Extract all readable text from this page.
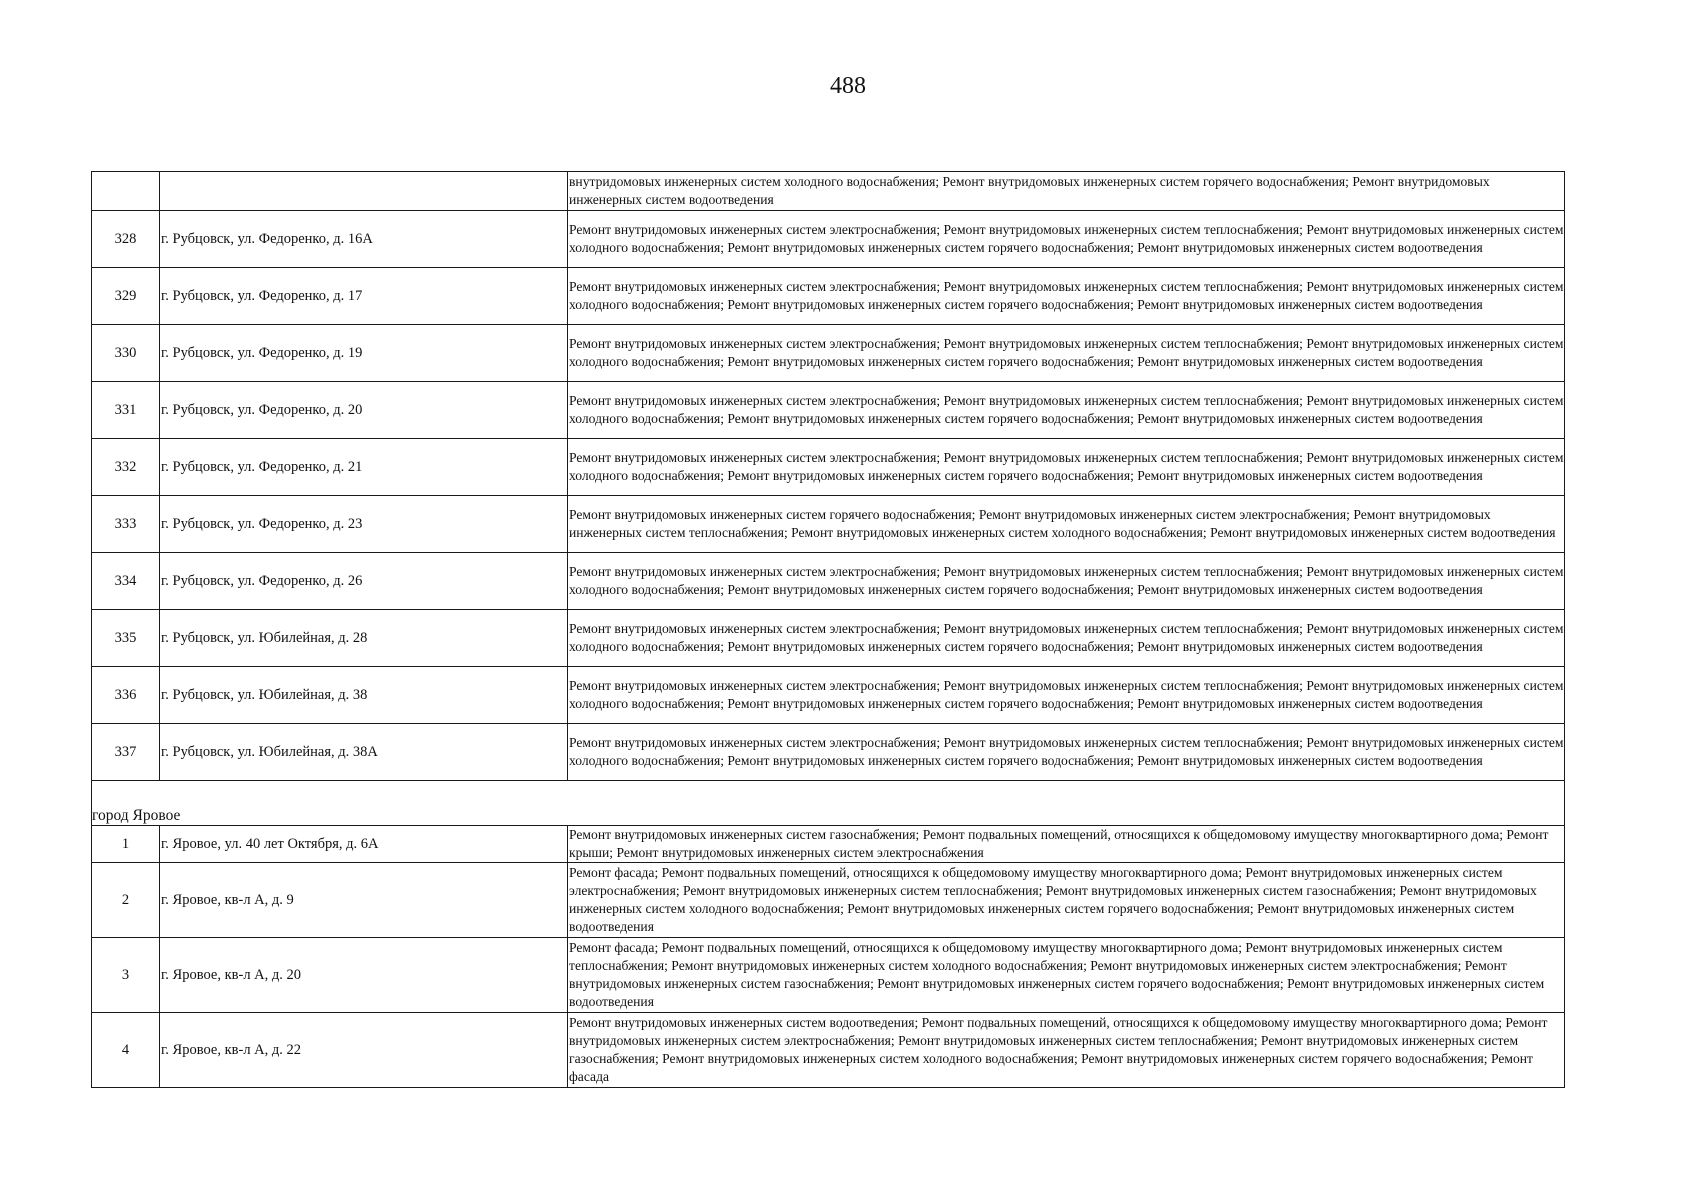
488
		внутридомовых инженерных систем холодного водоснабжения; Ремонт внутридомовых инженерных систем горячего водоснабжения; Ремонт внутридомовых инженерных систем водоотведения
328	г. Рубцовск, ул. Федоренко, д. 16А	Ремонт внутридомовых инженерных систем электроснабжения; Ремонт внутридомовых инженерных систем теплоснабжения; Ремонт внутридомовых инженерных систем холодного водоснабжения; Ремонт внутридомовых инженерных систем горячего водоснабжения; Ремонт внутридомовых инженерных систем водоотведения
329	г. Рубцовск, ул. Федоренко, д. 17	Ремонт внутридомовых инженерных систем электроснабжения; Ремонт внутридомовых инженерных систем теплоснабжения; Ремонт внутридомовых инженерных систем холодного водоснабжения; Ремонт внутридомовых инженерных систем горячего водоснабжения; Ремонт внутридомовых инженерных систем водоотведения
330	г. Рубцовск, ул. Федоренко, д. 19	Ремонт внутридомовых инженерных систем электроснабжения; Ремонт внутридомовых инженерных систем теплоснабжения; Ремонт внутридомовых инженерных систем холодного водоснабжения; Ремонт внутридомовых инженерных систем горячего водоснабжения; Ремонт внутридомовых инженерных систем водоотведения
331	г. Рубцовск, ул. Федоренко, д. 20	Ремонт внутридомовых инженерных систем электроснабжения; Ремонт внутридомовых инженерных систем теплоснабжения; Ремонт внутридомовых инженерных систем холодного водоснабжения; Ремонт внутридомовых инженерных систем горячего водоснабжения; Ремонт внутридомовых инженерных систем водоотведения
332	г. Рубцовск, ул. Федоренко, д. 21	Ремонт внутридомовых инженерных систем электроснабжения; Ремонт внутридомовых инженерных систем теплоснабжения; Ремонт внутридомовых инженерных систем холодного водоснабжения; Ремонт внутридомовых инженерных систем горячего водоснабжения; Ремонт внутридомовых инженерных систем водоотведения
333	г. Рубцовск, ул. Федоренко, д. 23	Ремонт внутридомовых инженерных систем горячего водоснабжения; Ремонт внутридомовых инженерных систем электроснабжения; Ремонт внутридомовых инженерных систем теплоснабжения; Ремонт внутридомовых инженерных систем холодного водоснабжения; Ремонт внутридомовых инженерных систем водоотведения
334	г. Рубцовск, ул. Федоренко, д. 26	Ремонт внутридомовых инженерных систем электроснабжения; Ремонт внутридомовых инженерных систем теплоснабжения; Ремонт внутридомовых инженерных систем холодного водоснабжения; Ремонт внутридомовых инженерных систем горячего водоснабжения; Ремонт внутридомовых инженерных систем водоотведения
335	г. Рубцовск, ул. Юбилейная, д. 28	Ремонт внутридомовых инженерных систем электроснабжения; Ремонт внутридомовых инженерных систем теплоснабжения; Ремонт внутридомовых инженерных систем холодного водоснабжения; Ремонт внутридомовых инженерных систем горячего водоснабжения; Ремонт внутридомовых инженерных систем водоотведения
336	г. Рубцовск, ул. Юбилейная, д. 38	Ремонт внутридомовых инженерных систем электроснабжения; Ремонт внутридомовых инженерных систем теплоснабжения; Ремонт внутридомовых инженерных систем холодного водоснабжения; Ремонт внутридомовых инженерных систем горячего водоснабжения; Ремонт внутридомовых инженерных систем водоотведения
337	г. Рубцовск, ул. Юбилейная, д. 38А	Ремонт внутридомовых инженерных систем электроснабжения; Ремонт внутридомовых инженерных систем теплоснабжения; Ремонт внутридомовых инженерных систем холодного водоснабжения; Ремонт внутридомовых инженерных систем горячего водоснабжения; Ремонт внутридомовых инженерных систем водоотведения
город Яровое		
1	г. Яровое, ул. 40 лет Октября, д. 6А	Ремонт внутридомовых инженерных систем газоснабжения; Ремонт подвальных помещений, относящихся к общедомовому имуществу многоквартирного дома; Ремонт крыши; Ремонт внутридомовых инженерных систем электроснабжения
2	г. Яровое, кв-л А, д. 9	Ремонт фасада; Ремонт подвальных помещений, относящихся к общедомовому имуществу многоквартирного дома; Ремонт внутридомовых инженерных систем электроснабжения; Ремонт внутридомовых инженерных систем теплоснабжения; Ремонт внутридомовых инженерных систем газоснабжения; Ремонт внутридомовых инженерных систем холодного водоснабжения; Ремонт внутридомовых инженерных систем горячего водоснабжения; Ремонт внутридомовых инженерных систем водоотведения
3	г. Яровое, кв-л А, д. 20	Ремонт фасада; Ремонт подвальных помещений, относящихся к общедомовому имуществу многоквартирного дома; Ремонт внутридомовых инженерных систем теплоснабжения; Ремонт внутридомовых инженерных систем холодного водоснабжения; Ремонт внутридомовых инженерных систем электроснабжения; Ремонт внутридомовых инженерных систем газоснабжения; Ремонт внутридомовых инженерных систем горячего водоснабжения; Ремонт внутридомовых инженерных систем водоотведения
4	г. Яровое, кв-л А, д. 22	Ремонт внутридомовых инженерных систем водоотведения; Ремонт подвальных помещений, относящихся к общедомовому имуществу многоквартирного дома; Ремонт внутридомовых инженерных систем электроснабжения; Ремонт внутридомовых инженерных систем теплоснабжения; Ремонт внутридомовых инженерных систем газоснабжения; Ремонт внутридомовых инженерных систем холодного водоснабжения; Ремонт внутридомовых инженерных систем горячего водоснабжения; Ремонт фасада
